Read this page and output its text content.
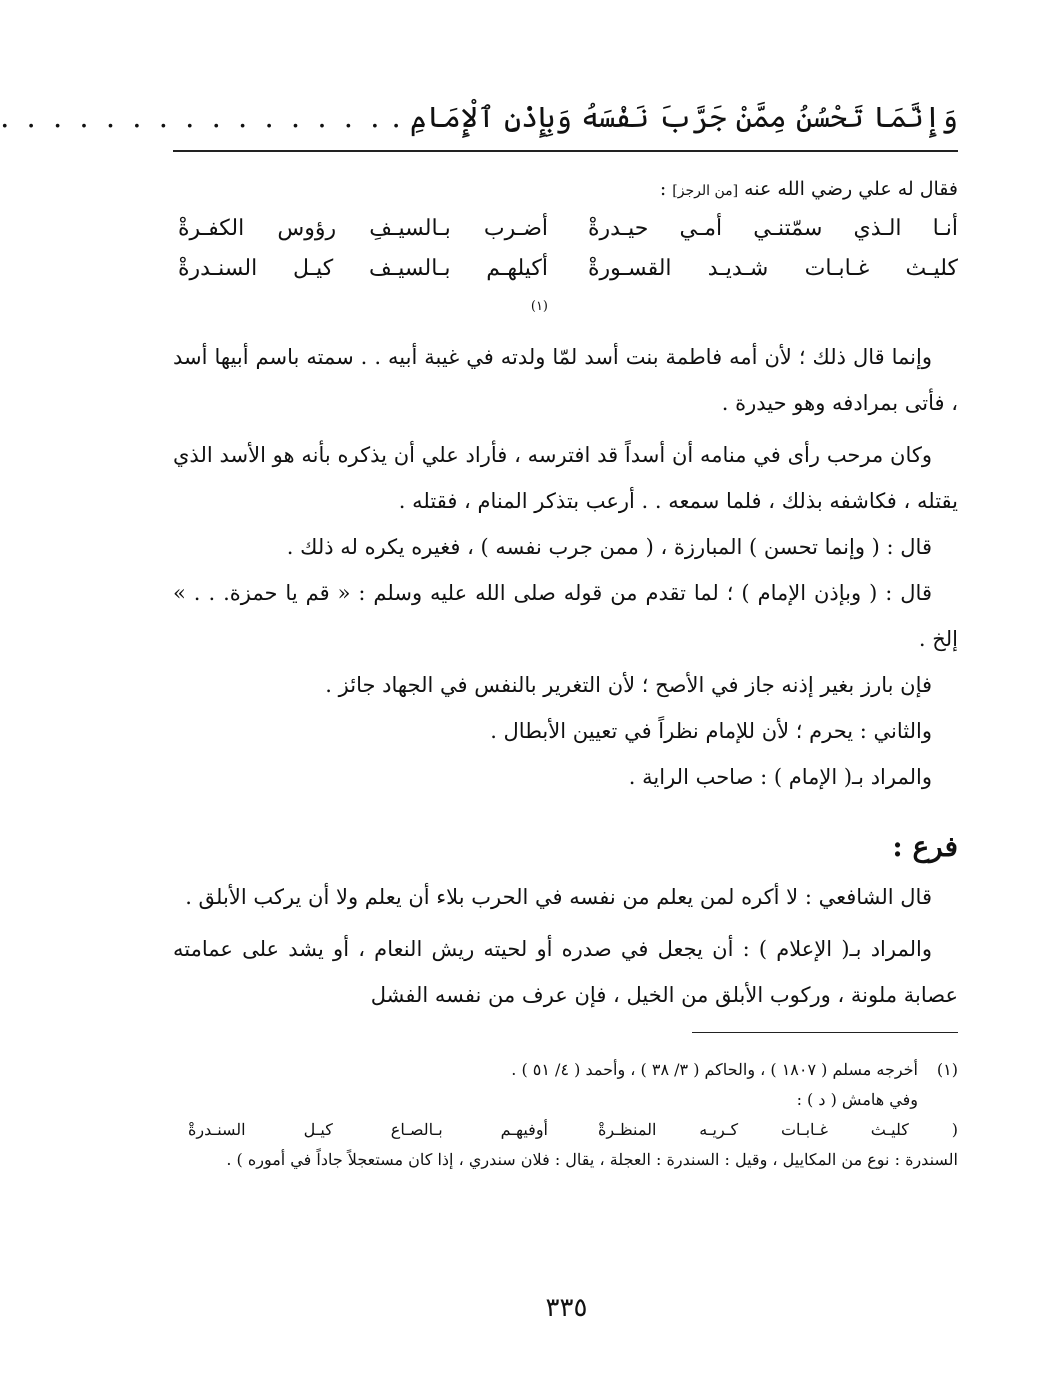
وَإِنَّمَا تَحْسُنُ مِمَّنْ جَرَّبَ نَفْسَهُ وَبِإِذْنِ ٱلْإِمَامِ .
. . . . . . . . . . . . . . .
فقال له علي رضي الله عنه [من الرجز] :
أنـا الـذي سمّتنـي أمـي حيـدرةْ
أضـرب بـالسيـفِ رؤوس الكفـرةْ
كليـث غـابـات شـديـد القسـورةْ
أكيلهـم بـالسيـف كيـل السنـدرةْ
(١)

وإنما قال ذلك ؛ لأن أمه فاطمة بنت أسد لمّا ولدته في غيبة أبيه . . سمته باسم أبيها أسد ، فأتى بمرادفه وهو حيدرة .

وكان مرحب رأى في منامه أن أسداً قد افترسه ، فأراد علي أن يذكره بأنه هو الأسد الذي يقتله ، فكاشفه بذلك ، فلما سمعه . . أرعب بتذكر المنام ، فقتله .

قال : ( وإنما تحسن ) المبارزة ، ( ممن جرب نفسه ) ، فغيره يكره له ذلك .

قال : ( وبإذن الإمام ) ؛ لما تقدم من قوله صلى الله عليه وسلم : « قم يا حمزة. . . » إلخ .

فإن بارز بغير إذنه جاز في الأصح ؛ لأن التغرير بالنفس في الجهاد جائز .

والثاني : يحرم ؛ لأن للإمام نظراً في تعيين الأبطال .

والمراد بـ( الإمام ) : صاحب الراية .

فرع :

قال الشافعي : لا أكره لمن يعلم من نفسه في الحرب بلاء أن يعلم ولا أن يركب الأبلق .

والمراد بـ( الإعلام ) : أن يجعل في صدره أو لحيته ريش النعام ، أو يشد على عمامته عصابة ملونة ، وركوب الأبلق من الخيل ، فإن عرف من نفسه الفشل

(١)أخرجه مسلم ( ١٨٠٧ ) ، والحاكم ( ٣/ ٣٨ ) ، وأحمد ( ٤/ ٥١ ) .

وفي هامش ( د ) :

( كليـث غـابـات كـريـه المنظـرةْ
أوفيهـم بـالصـاع كيـل السنـدرةْ

السندرة : نوع من المكاييل ، وقيل : السندرة : العجلة ، يقال : فلان سندري ، إذا كان مستعجلاً جاداً في أموره ) .

٣٣٥
